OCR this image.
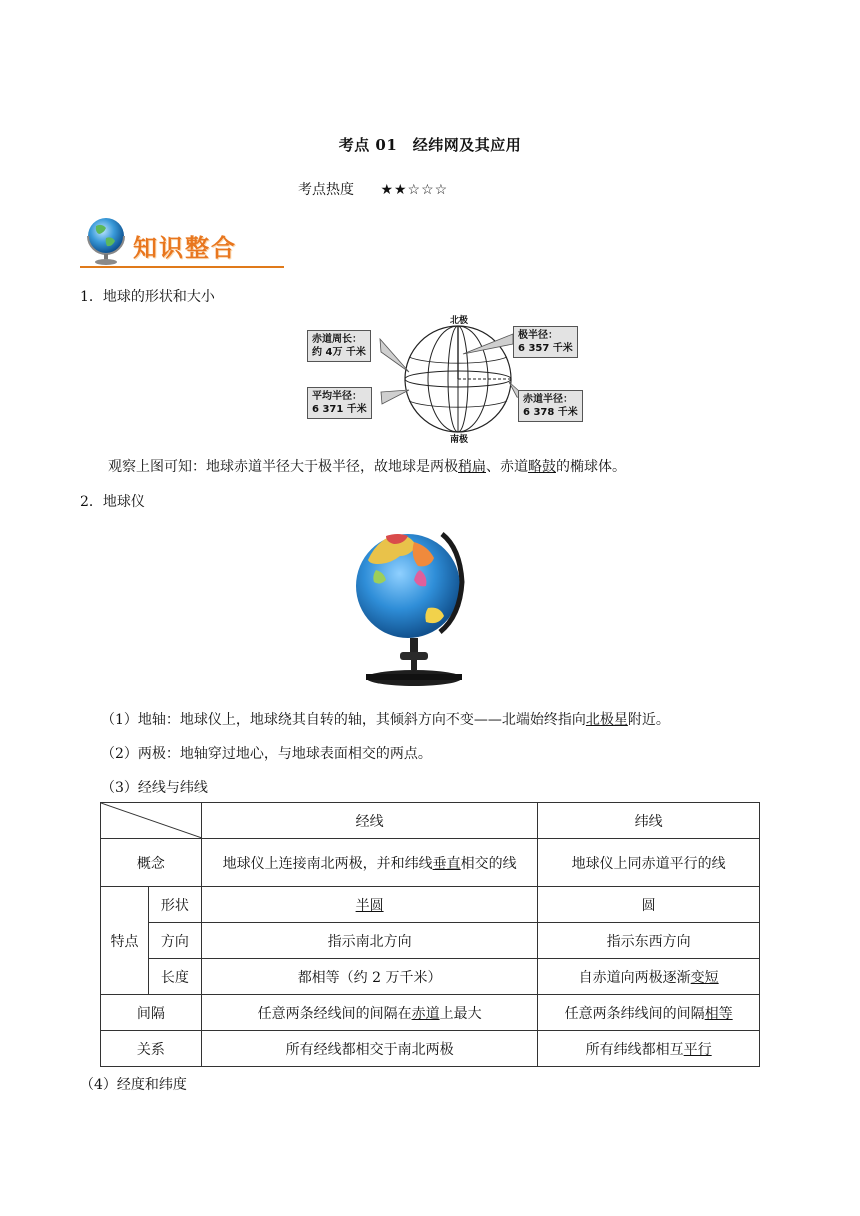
考点 01　经纬网及其应用
考点热度 ★★☆☆☆
知识整合
1．地球的形状和大小
北极
南极
赤道周长：
约 4万 千米
平均半径：
6 371 千米
极半径：
6 357 千米
赤道半径：
6 378 千米
观察上图可知：地球赤道半径大于极半径，故地球是两极稍扁、赤道略鼓的椭球体。
2．地球仪
（1）地轴：地球仪上，地球绕其自转的轴，其倾斜方向不变——北端始终指向北极星附近。
（2）两极：地轴穿过地心，与地球表面相交的两点。
（3）经线与纬线
	经线	纬线
概念		地球仪上连接南北两极，并和纬线垂直相交的线	地球仪上同赤道平行的线
特点	形状	半圆	圆
	方向	指示南北方向	指示东西方向
	长度	都相等（约 2 万千米）	自赤道向两极逐渐变短
间隔		任意两条经线间的间隔在赤道上最大	任意两条纬线间的间隔相等
关系		所有经线都相交于南北两极	所有纬线都相互平行
（4）经度和纬度
